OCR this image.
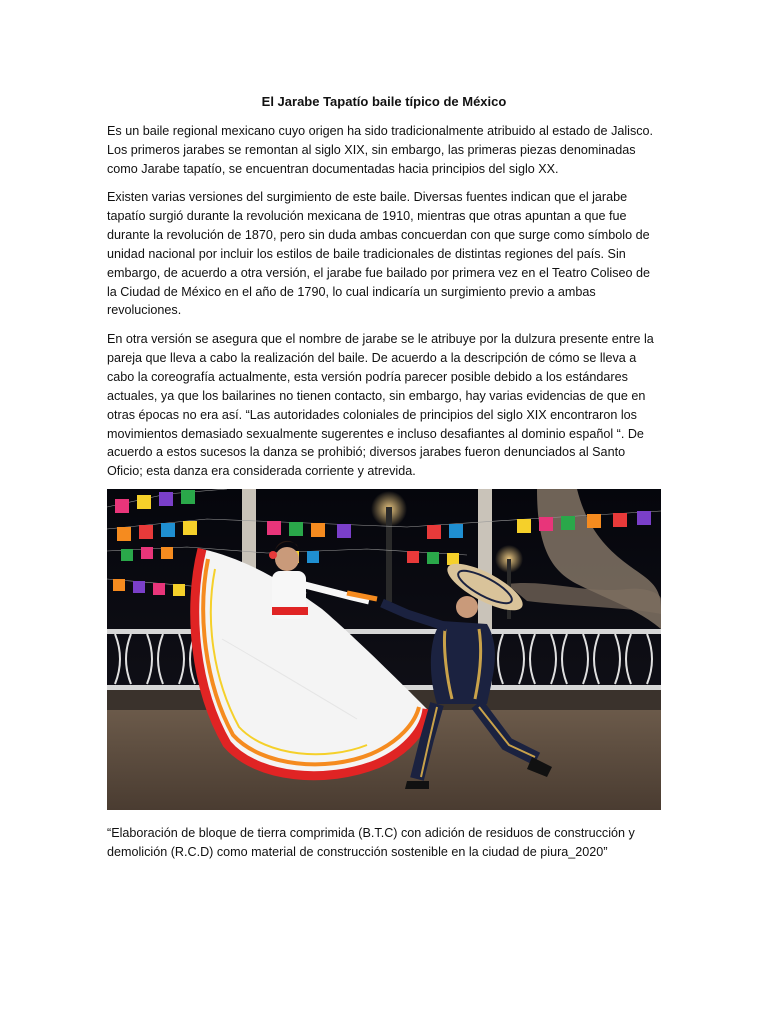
El Jarabe Tapatío baile típico de México

Es un baile regional mexicano cuyo origen ha sido tradicionalmente atribuido al estado de Jalisco. Los primeros jarabes se remontan al siglo XIX, sin embargo, las primeras piezas denominadas como Jarabe tapatío, se encuentran documentadas hacia principios del siglo XX.

Existen varias versiones del surgimiento de este baile. Diversas fuentes indican que el jarabe tapatío surgió durante la revolución mexicana de 1910, mientras que otras apuntan a que fue durante la revolución de 1870, pero sin duda ambas concuerdan con que surge como símbolo de unidad nacional por incluir los estilos de baile tradicionales de distintas regiones del país. Sin embargo, de acuerdo a otra versión, el jarabe fue bailado por primera vez en el Teatro Coliseo de la Ciudad de México en el año de 1790, lo cual indicaría un surgimiento previo a ambas revoluciones.

En otra versión se asegura que el nombre de jarabe se le atribuye por la dulzura presente entre la pareja que lleva a cabo la realización del baile. De acuerdo a la descripción de cómo se lleva a cabo la coreografía actualmente, esta versión podría parecer posible debido a los estándares actuales, ya que los bailarines no tienen contacto, sin embargo, hay varias evidencias de que en otras épocas no era así. “Las autoridades coloniales de principios del siglo XIX encontraron los movimientos demasiado sexualmente sugerentes e incluso desafiantes al dominio español “. De acuerdo a estos sucesos la danza se prohibió; diversos jarabes fueron denunciados al Santo Oficio; esta danza era considerada corriente y atrevida.

“Elaboración de bloque de tierra comprimida (B.T.C) con adición de residuos de construcción y demolición (R.C.D) como material de construcción sostenible en la ciudad de piura_2020”
